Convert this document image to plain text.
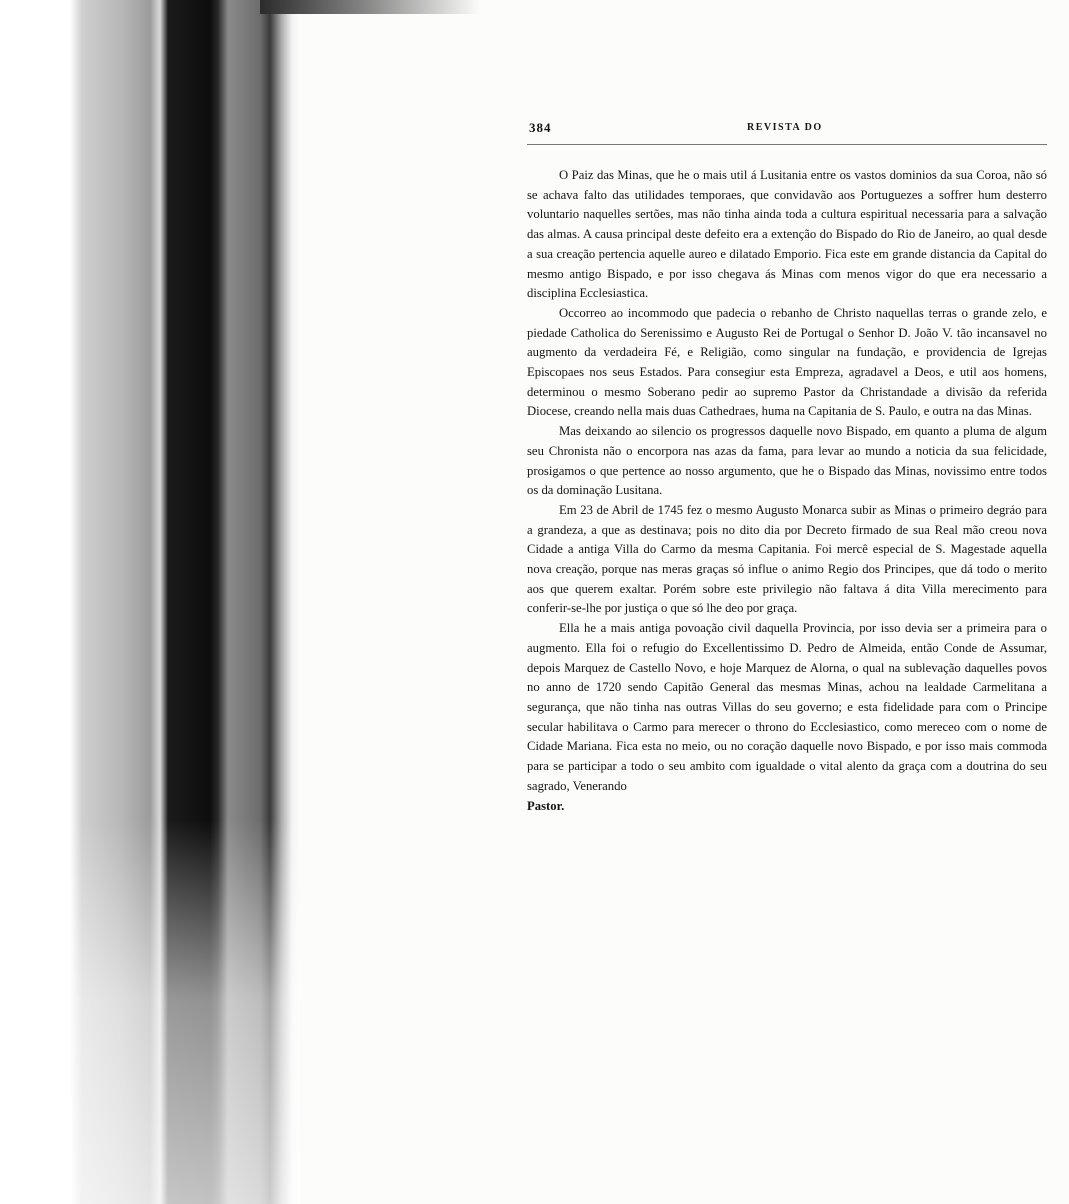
384	REVISTA DO

O Paiz das Minas, que he o mais util á Lusitania entre os vastos dominios da sua Coroa, não só se achava falto das utilidades temporaes, que convidavão aos Portuguezes a soffrer hum desterro voluntario naquelles sertões, mas não tinha ainda toda a cultura espiritual necessaria para a salvação das almas. A causa principal deste defeito era a extenção do Bispado do Rio de Janeiro, ao qual desde a sua creação pertencia aquelle aureo e dilatado Emporio. Fica este em grande distancia da Capital do mesmo antigo Bispado, e por isso chegava ás Minas com menos vigor do que era necessario a disciplina Ecclesiastica.

Occorreo ao incommodo que padecia o rebanho de Christo naquellas terras o grande zelo, e piedade Catholica do Serenissimo e Augusto Rei de Portugal o Senhor D. João V. tão incansavel no augmento da verdadeira Fé, e Religião, como singular na fundação, e providencia de Igrejas Episcopaes nos seus Estados. Para consegiur esta Empreza, agradavel a Deos, e util aos homens, determinou o mesmo Soberano pedir ao supremo Pastor da Christandade a divisão da referida Diocese, creando nella mais duas Cathedraes, huma na Capitania de S. Paulo, e outra na das Minas.

Mas deixando ao silencio os progressos daquelle novo Bispado, em quanto a pluma de algum seu Chronista não o encorpora nas azas da fama, para levar ao mundo a noticia da sua felicidade, prosigamos o que pertence ao nosso argumento, que he o Bispado das Minas, novissimo entre todos os da dominação Lusitana.

Em 23 de Abril de 1745 fez o mesmo Augusto Monarca subir as Minas o primeiro degráo para a grandeza, a que as destinava; pois no dito dia por Decreto firmado de sua Real mão creou nova Cidade a antiga Villa do Carmo da mesma Capitania. Foi mercê especial de S. Magestade aquella nova creação, porque nas meras graças só influe o animo Regio dos Principes, que dá todo o merito aos que querem exaltar. Porém sobre este privilegio não faltava á dita Villa merecimento para conferir-se-lhe por justiça o que só lhe deo por graça.

Ella he a mais antiga povoação civil daquella Provincia, por isso devia ser a primeira para o augmento. Ella foi o refugio do Excellentissimo D. Pedro de Almeida, então Conde de Assumar, depois Marquez de Castello Novo, e hoje Marquez de Alorna, o qual na sublevação daquelles povos no anno de 1720 sendo Capitão General das mesmas Minas, achou na lealdade Carmelitana a segurança, que não tinha nas outras Villas do seu governo; e esta fidelidade para com o Principe secular habilitava o Carmo para merecer o throno do Ecclesiastico, como mereceo com o nome de Cidade Mariana. Fica esta no meio, ou no coração daquelle novo Bispado, e por isso mais commoda para se participar a todo o seu ambito com igualdade o vital alento da graça com a doutrina do seu sagrado, Venerando

Pastor.
